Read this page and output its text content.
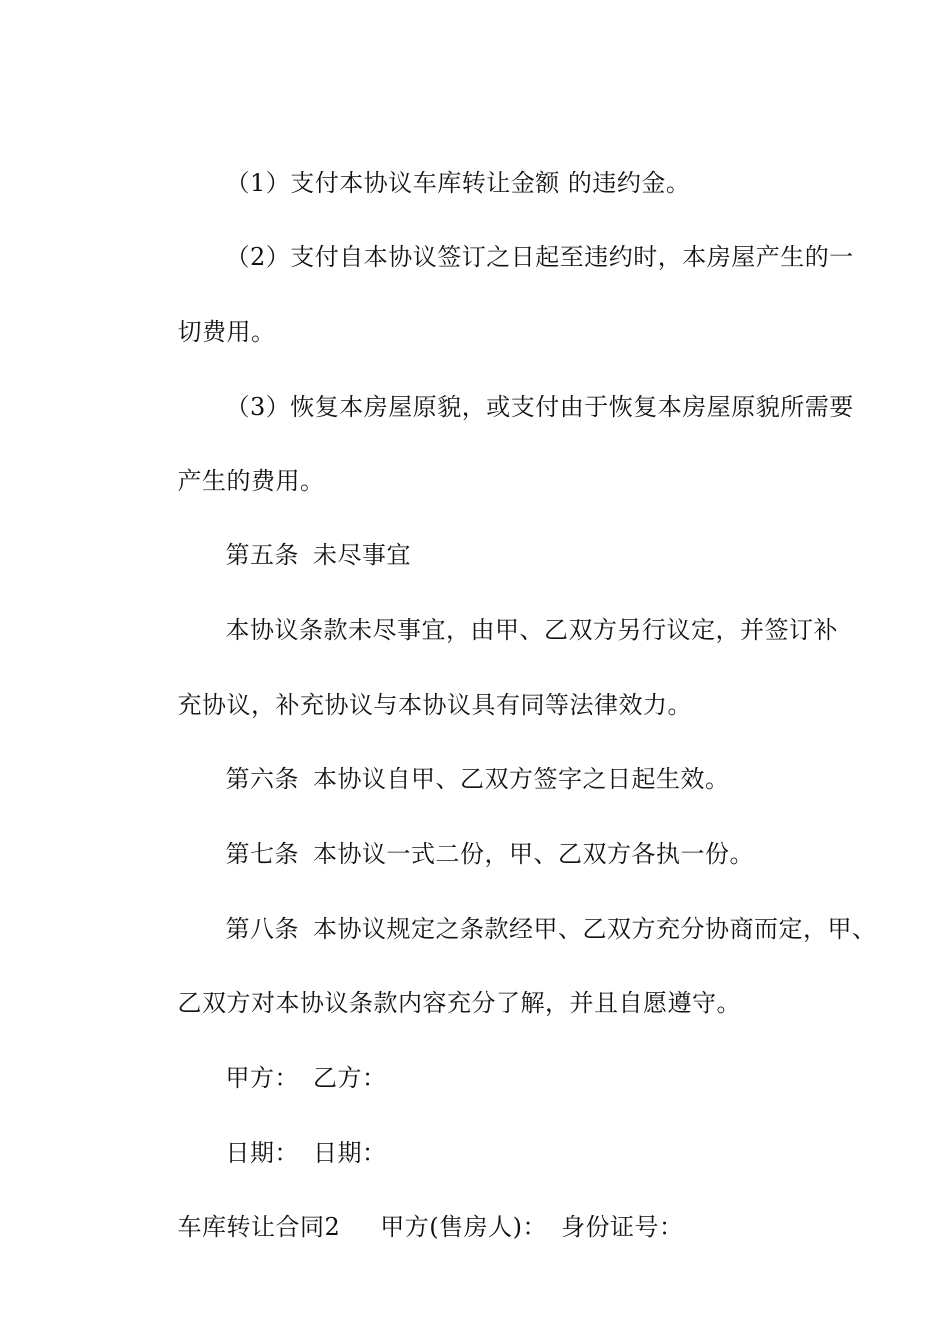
（1）支付本协议车库转让金额 的违约金。

（2）支付自本协议签订之日起至违约时，本房屋产生的一

切费用。

（3）恢复本房屋原貌，或支付由于恢复本房屋原貌所需要

产生的费用。

第五条 未尽事宜

本协议条款未尽事宜，由甲、乙双方另行议定，并签订补

充协议，补充协议与本协议具有同等法律效力。

第六条 本协议自甲、乙双方签字之日起生效。

第七条 本协议一式二份，甲、乙双方各执一份。

第八条 本协议规定之条款经甲、乙双方充分协商而定，甲、

乙双方对本协议条款内容充分了解，并且自愿遵守。

甲方： 乙方：

日期： 日期：

车库转让合同2 甲方(售房人)： 身份证号：
